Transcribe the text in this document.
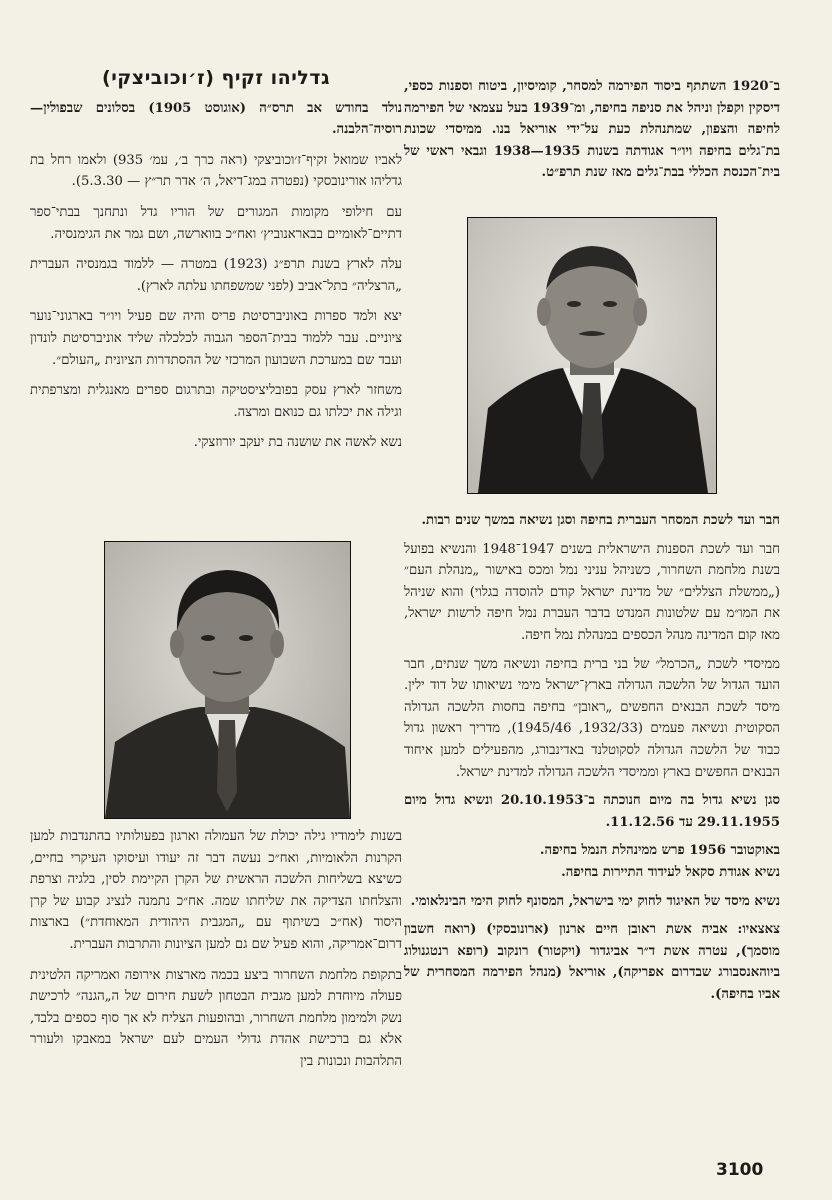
ב־1920 השתתף ביסוד הפירמה למסחר, קומיסיון, ביטוח וספנות כספי, דיסקין וקפלן וניהל את סניפה בחיפה, ומ־1939 בעל עצמאי של הפירמה לחיפה והצפון, שמתנהלת כעת על־ידי אוריאל בנו. ממיסדי שכונת בת־גלים בחיפה ויו״ר אגודתה בשנות 1935—1938 וגבאי ראשי של בית־הכנסת הכללי בבת־גלים מאז שנת תרפ״ט.

חבר ועד לשכת המסחר העברית בחיפה וסגן נשיאה במשך שנים רבות.

חבר ועד לשכת הספנות הישראלית בשנים 1947־1948 והנשיא בפועל בשנת מלחמת השחרור, כשניהל עניני נמל ומכס באישור „מנהלת העם״ („ממשלת הצללים״ של מדינת ישראל קודם להוסדה בגלוי) והוא שניהל את המו״מ עם שלטונות המנדט בדבר העברת נמל חיפה לרשות ישראל, מאז קום המדינה מנהל הכספים במנהלת נמל חיפה.

ממיסדי לשכת „הכרמל״ של בני ברית בחיפה ונשיאה משך שנתים, חבר הועד הגדול של הלשכה הגדולה בארץ־ישראל מימי נשיאותו של דוד ילין. מיסד לשכת הבנאים החפשים „ראובן״ בחיפה בחסות הלשכה הגדולה הסקוטית ונשיאה פעמים (1932/33, 1945/46), מדריך ראשון גדול כבוד של הלשכה הגדולה לסקוטלנד באדינבורג, מהפעילים למען איחוד הבנאים החפשים בארץ וממיסדי הלשכה הגדולה למדינת ישראל.

סגן נשיא גדול בה מיום חנוכתה ב־20.10.1953 ונשיא גדול מיום 29.11.1955 עד 11.12.56.

באוקטובר 1956 פרש ממינהלת הנמל בחיפה.

נשיא אגודת סקאל לעידוד התיירות בחיפה.

נשיא מיסד של האיגוד לחוק ימי בישראל, המסונף לחוק הימי הבינלאומי.

צאצאיו: אביה אשת ראובן חיים ארנון (ארונובסקי) (רואה חשבון מוסמך), עטרה אשת ד״ר אביגדור (ויקטור) רונקוב (רופא רנטגנולוג ביוהאנסבורג שבדרום אפריקה), אוריאל (מנהל הפירמה המסחרית של אביו בחיפה).

גדליהו זקיף (ז׳וכוביצקי)

נולד בחודש אב תרס״ה (אוגוסט 1905) בסלונים שבפולין—רוסיה־הלבנה.

לאביו שמואל זקיף־ז׳וכוביצקי (ראה כרך ב׳, עמ׳ 935) ולאמו רחל בת גדליהו אורינובסקי (נפטרה במג־דיאל, ה׳ אדר תר״ץ — 5.3.30).

עם חילופי מקומות המגורים של הוריו גדל ונתחנך בבתי־ספר דתיים־לאומיים בבאראנוביץ׳ ואח״כ בווארשה, ושם גמר את הגימנסיה.

עלה לארץ בשנת תרפ״ג (1923) במטרה — ללמוד בגמנסיה העברית „הרצליה״ בתל־אביב (לפני שמשפחתו עלתה לארץ).

יצא ולמד ספרות באוניברסיטת פריס והיה שם פעיל ויו״ר בארגוני־נוער ציוניים. עבר ללמוד בבית־הספר הגבוה לכלכלה שליד אוניברסיטת לונדון ועבד שם במערכת השבועון המרכזי של ההסתדרות הציונית „העולם״.

משחזר לארץ עסק בפובליציסטיקה ובתרגום ספרים מאנגלית ומצרפתית וגילה את יכלתו גם כנואם ומרצה.

נשא לאשה את שושנה בת יעקב יורוזצקי.

בשנות לימודיו גילה יכולת של העמולה וארגון בפעולותיו בהתנדבות למען הקרנות הלאומיות, ואח״כ נעשה דבר זה יעודו ועיסוקו העיקרי בחיים, כשיצא בשליחות הלשכה הראשית של הקרן הקיימת לסין, בלגיה וצרפת והצלחתו הצדיקה את שליחתו שמה. אח״כ נתמנה לנציג קבוע של קרן היסוד (אח״כ בשיתוף עם „המגבית היהודית המאוחדת״) בארצות דרום־אמריקה, והוא פעיל שם גם למען הציונות והתרבות העברית.

בתקופת מלחמת השחרור ביצע בכמה מארצות אירופה ואמריקה הלטינית פעולה מיוחדת למען מגבית הבטחון לשעת חירום של ה„הגנה״ לרכישת נשק ולמימון מלחמת השחרור, ובהופעות הצליח לא אך סוף כספים בלבד, אלא גם ברכישת אהדת גדולי העמים לעם ישראל במאבקו ולעורר התלהבות ונכונות בין

3100
